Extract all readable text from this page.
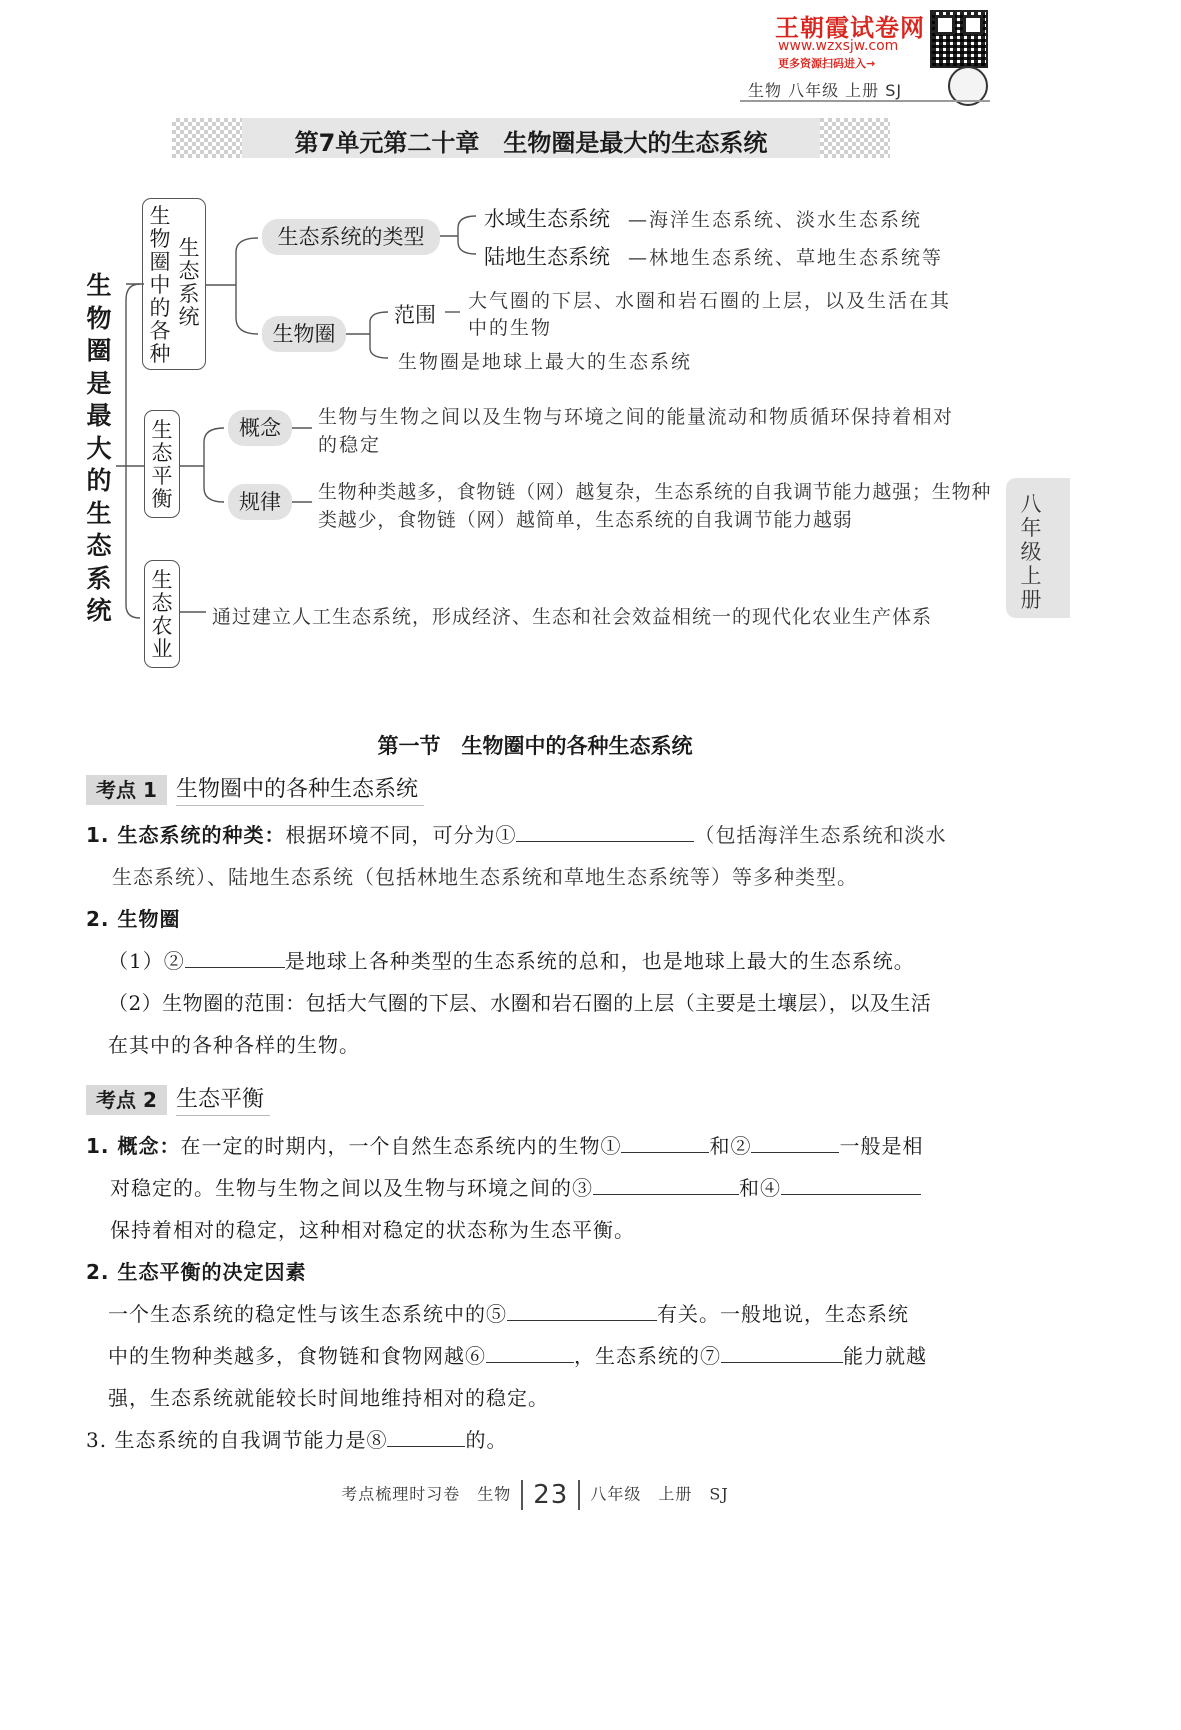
王朝霞试卷网
www.wzxsjw.com
更多资源扫码进入→
生物 八年级 上册 SJ
第7单元第二十章　生物圈是最大的生态系统
生物圈是最大的生态系统
生物圈中的各种
生态系统
生态系统的类型
水域生态系统 —海洋生态系统、淡水生态系统
陆地生态系统 —林地生态系统、草地生态系统等
生物圈
范围
大气圈的下层、水圈和岩石圈的上层，以及生活在其
中的生物
生物圈是地球上最大的生态系统
生态平衡
概念	生物与生物之间以及生物与环境之间的能量流动和物质循环保持着相对
的稳定
规律	生物种类越多，食物链（网）越复杂，生态系统的自我调节能力越强；生物种
类越少，食物链（网）越简单，生态系统的自我调节能力越弱
生态农业
通过建立人工生态系统，形成经济、生态和社会效益相统一的现代化农业生产体系
八年级上册
第一节　生物圈中的各种生态系统
考点 1 生物圈中的各种生态系统
1. 生态系统的种类：根据环境不同，可分为①	（包括海洋生态系统和淡水
生态系统）、陆地生态系统（包括林地生态系统和草地生态系统等）等多种类型。
2. 生物圈
（1）②	是地球上各种类型的生态系统的总和，也是地球上最大的生态系统。
（2）生物圈的范围：包括大气圈的下层、水圈和岩石圈的上层（主要是土壤层），以及生活
在其中的各种各样的生物。
考点 2 生态平衡
1. 概念：在一定的时期内，一个自然生态系统内的生物①	和②	一般是相
对稳定的。生物与生物之间以及生物与环境之间的③	和④
保持着相对的稳定，这种相对稳定的状态称为生态平衡。
2. 生态平衡的决定因素
一个生态系统的稳定性与该生态系统中的⑤	有关。一般地说，生态系统
中的生物种类越多，食物链和食物网越⑥	，生态系统的⑦	能力就越
强，生态系统就能较长时间地维持相对的稳定。
3. 生态系统的自我调节能力是⑧	的。
考点梳理时习卷　生物 23 八年级　上册　SJ
